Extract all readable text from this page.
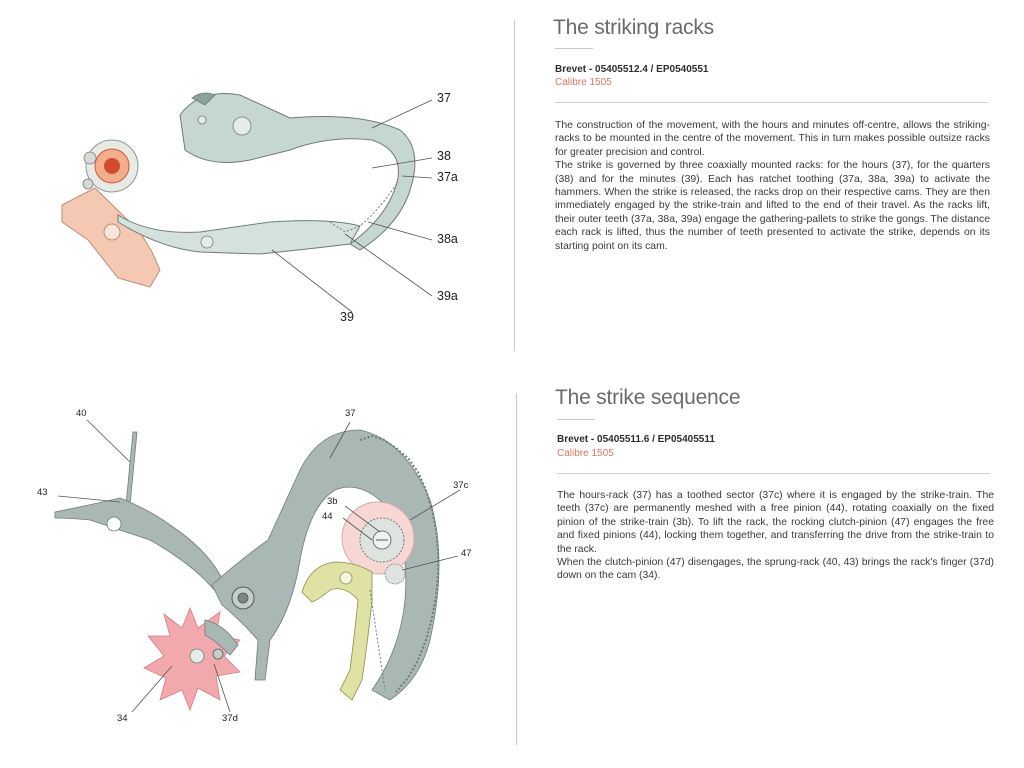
37
38
37a
38a
39a
39
The striking racks
Brevet - 05405512.4 / EP0540551
Calibre 1505

The construction of the movement, with the hours and minutes off-centre, allows the striking-racks to be mounted in the centre of the movement. This in turn makes possible outsize racks for greater precision and control.

The strike is governed by three coaxially mounted racks: for the hours (37), for the quarters (38) and for the minutes (39). Each has ratchet toothing (37a, 38a, 39a) to activate the hammers. When the strike is released, the racks drop on their respective cams. They are then immediately engaged by the strike-train and lifted to the end of their travel. As the racks lift, their outer teeth (37a, 38a, 39a) engage the gathering-pallets to strike the gongs. The distance each rack is lifted, thus the number of teeth presented to activate the strike, depends on its starting point on its cam.

40	37
43
37c
3b
44
47
34	37d
The strike sequence
Brevet - 05405511.6 / EP05405511
Calibre 1505

The hours-rack (37) has a toothed sector (37c) where it is engaged by the strike-train. The teeth (37c) are permanently meshed with a free pinion (44), rotating coaxially on the fixed pinion of the strike-train (3b). To lift the rack, the rocking clutch-pinion (47) engages the free and fixed pinions (44), locking them together, and transferring the drive from the strike-train to the rack.

When the clutch-pinion (47) disengages, the sprung-rack (40, 43) brings the rack's finger (37d) down on the cam (34).
